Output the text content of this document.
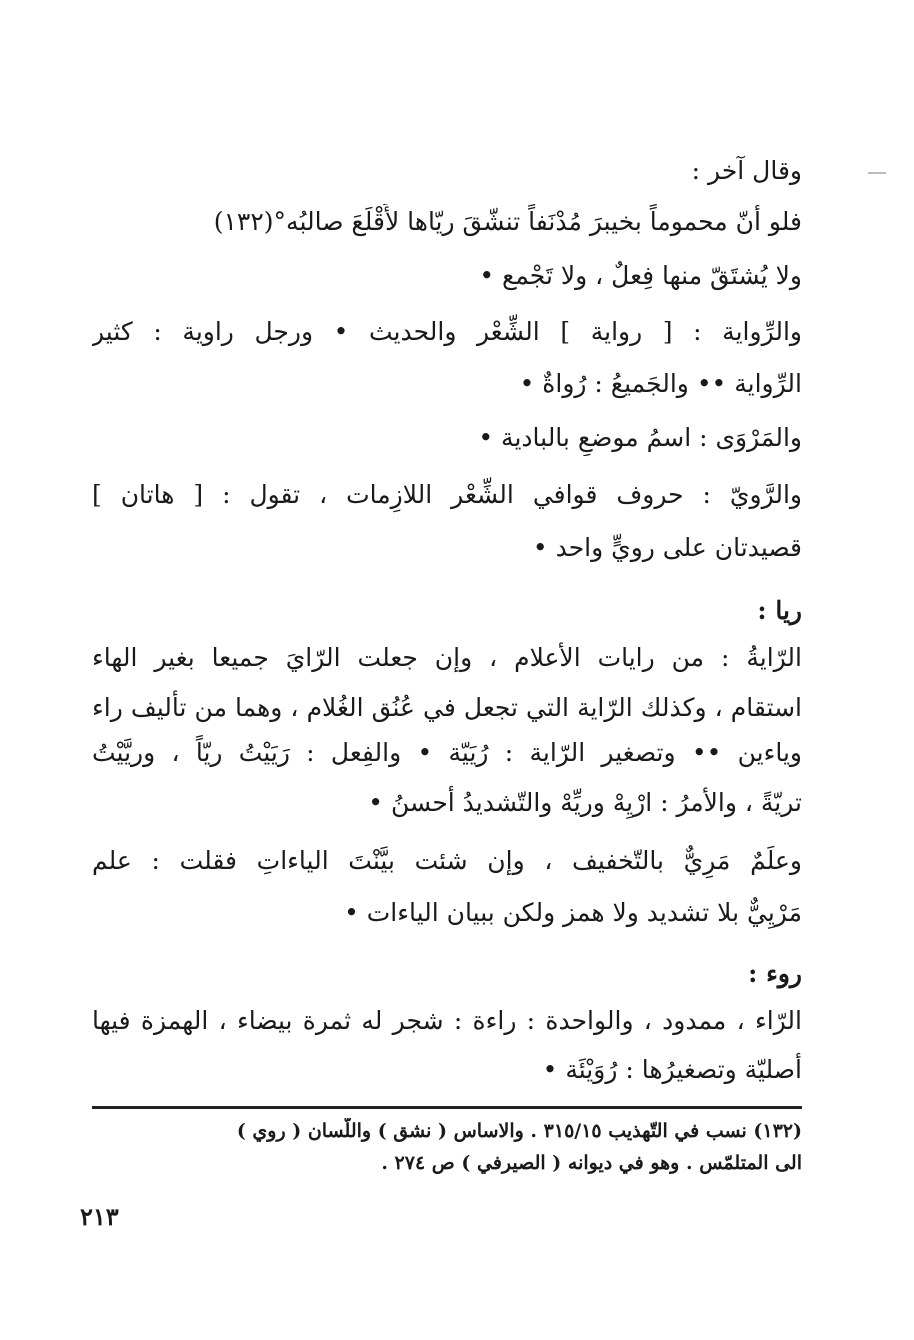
وقال آخر :
فلو أنّ محموماً بخيبرَ مُدْنَفاً تنشّقَ ريّاها لأَقْلَعَ صالبُه°(١٣٢)
ولا يُشتَقّ منها فِعلٌ ، ولا تَجْمع •
والرِّواية : [ رواية ] الشِّعْر والحديث • ورجل راوية : كثير
الرِّواية •• والجَميعُ : رُواةٌ •
والمَرْوَى : اسمُ موضعٍ بالبادية •
والرَّويّ : حروف قوافي الشِّعْر اللازِمات ، تقول : [ هاتان ]
قصيدتان على رويٍّ واحد •
ريا :
الرّايةُ : من رايات الأعلام ، وإن جعلت الرّايَ جميعا بغير الهاء
استقام ، وكذلك الرّاية التي تجعل في عُنُق الغُلام ، وهما من تأليف راء
وياءين •• وتصغير الرّاية : رُيَيّة • والفِعل : رَيَيْتُ ريّاً ، وريَّيْتُ
تريّةً ، والأمرُ : ارْيِهْ وريِّهْ والتّشديدُ أحسنُ •
وعلَمٌ مَرِيٌّ بالتّخفيف ، وإن شئت بيَّنْتَ الياءاتِ فقلت : علم
مَرْيِيٌّ بلا تشديد ولا همز ولكن ببيان الياءات •
روء :
الرّاء ، ممدود ، والواحدة : راءة : شجر له ثمرة بيضاء ، الهمزة فيها
أصليّة وتصغيرُها : رُوَيْئَة •
(١٣٢) نسب في التّهذيب ٣١٥/١٥ . والاساس ( نشق ) واللّسان ( روي )
الى المتلمّس . وهو في ديوانه ( الصيرفي ) ص ٢٧٤ .
٢١٣
